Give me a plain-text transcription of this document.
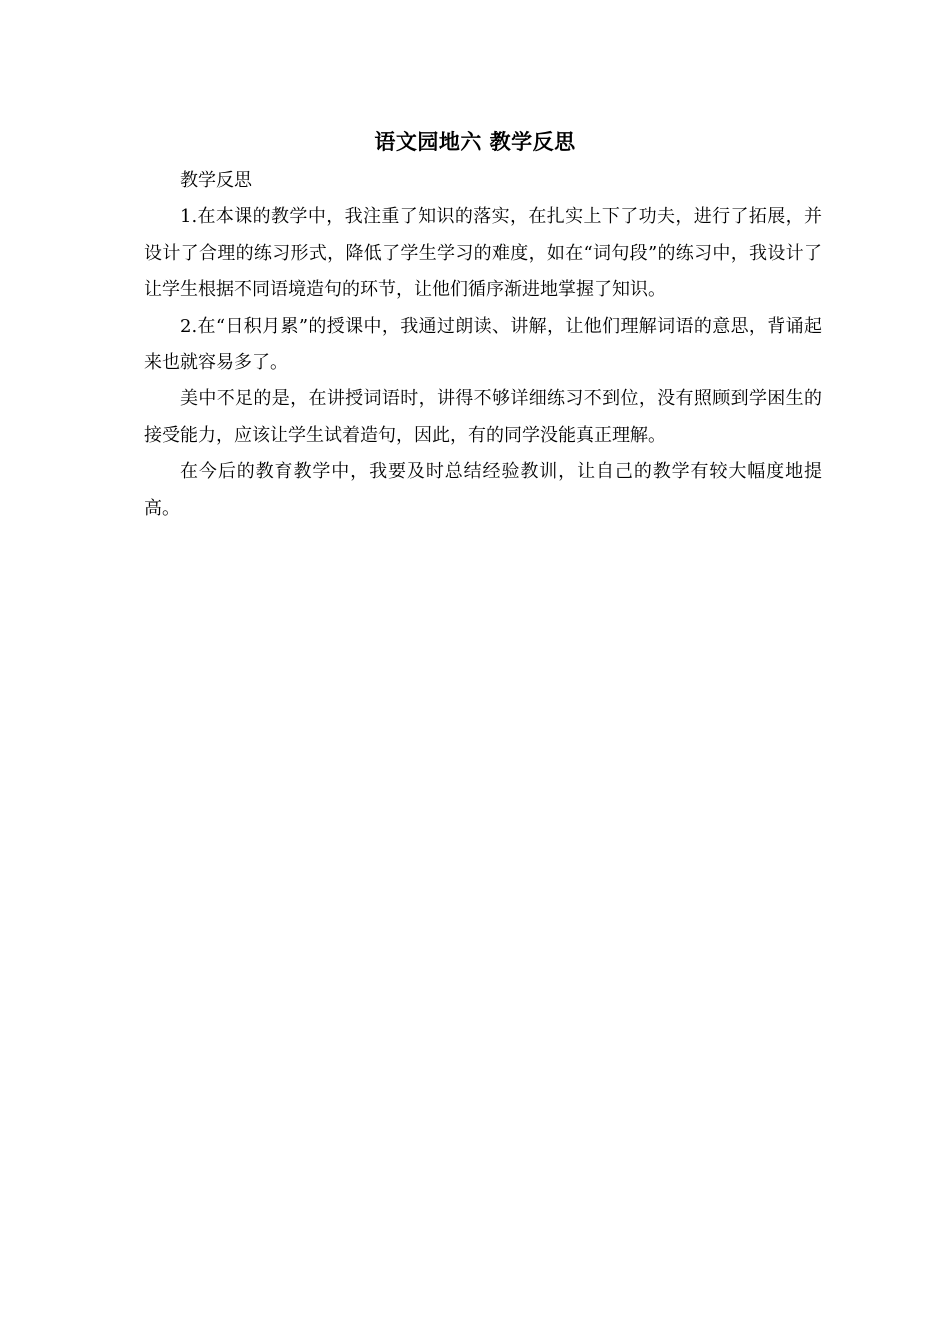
语文园地六 教学反思

教学反思

1.在本课的教学中，我注重了知识的落实，在扎实上下了功夫，进行了拓展，并设计了合理的练习形式，降低了学生学习的难度，如在“词句段”的练习中，我设计了让学生根据不同语境造句的环节，让他们循序渐进地掌握了知识。

2.在“日积月累”的授课中，我通过朗读、讲解，让他们理解词语的意思，背诵起来也就容易多了。

美中不足的是，在讲授词语时，讲得不够详细练习不到位，没有照顾到学困生的接受能力，应该让学生试着造句，因此，有的同学没能真正理解。

在今后的教育教学中，我要及时总结经验教训，让自己的教学有较大幅度地提高。
